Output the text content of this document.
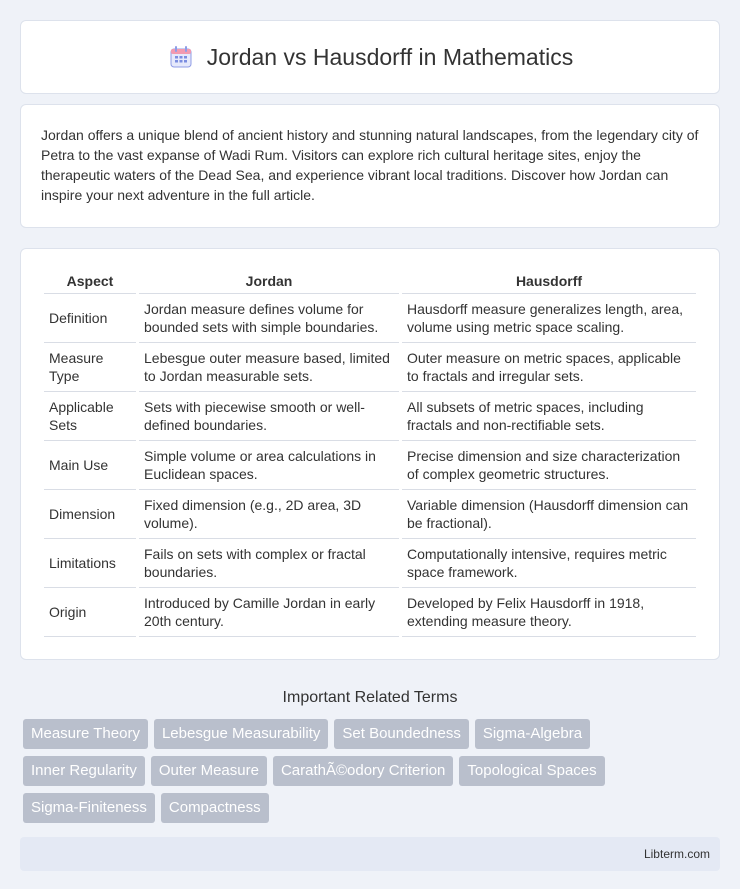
Jordan vs Hausdorff in Mathematics

Jordan offers a unique blend of ancient history and stunning natural landscapes, from the legendary city of Petra to the vast expanse of Wadi Rum. Visitors can explore rich cultural heritage sites, enjoy the therapeutic waters of the Dead Sea, and experience vibrant local traditions. Discover how Jordan can inspire your next adventure in the full article.

Aspect	Jordan	Hausdorff
Definition	Jordan measure defines volume for bounded sets with simple boundaries.	Hausdorff measure generalizes length, area, volume using metric space scaling.
Measure Type	Lebesgue outer measure based, limited to Jordan measurable sets.	Outer measure on metric spaces, applicable to fractals and irregular sets.
Applicable Sets	Sets with piecewise smooth or well-defined boundaries.	All subsets of metric spaces, including fractals and non-rectifiable sets.
Main Use	Simple volume or area calculations in Euclidean spaces.	Precise dimension and size characterization of complex geometric structures.
Dimension	Fixed dimension (e.g., 2D area, 3D volume).	Variable dimension (Hausdorff dimension can be fractional).
Limitations	Fails on sets with complex or fractal boundaries.	Computationally intensive, requires metric space framework.
Origin	Introduced by Camille Jordan in early 20th century.	Developed by Felix Hausdorff in 1918, extending measure theory.
Important Related Terms
Measure Theory	Lebesgue Measurability	Set Boundedness	Sigma-Algebra
Inner Regularity	Outer Measure	CarathÃ©odory Criterion	Topological Spaces
Sigma-Finiteness	Compactness
Libterm.com
